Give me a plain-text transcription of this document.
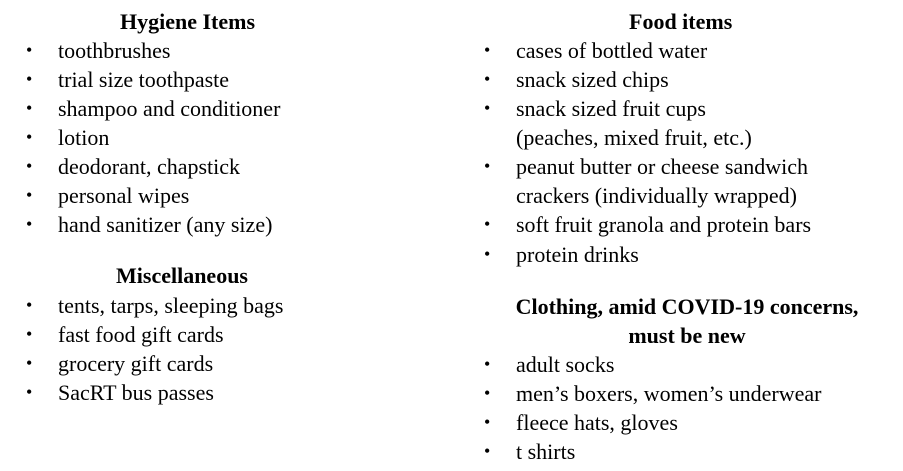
Hygiene Items
• toothbrushes
• trial size toothpaste
• shampoo and conditioner
• lotion
• deodorant, chapstick
• personal wipes
• hand sanitizer (any size)
Miscellaneous
• tents, tarps, sleeping bags
• fast food gift cards
• grocery gift cards
• SacRT bus passes
Food items
• cases of bottled water
• snack sized chips
• snack sized fruit cups
(peaches, mixed fruit, etc.)
• peanut butter or cheese sandwich
crackers (individually wrapped)
• soft fruit granola and protein bars
• protein drinks
Clothing, amid COVID-19 concerns,
must be new
• adult socks
• men’s boxers, women’s underwear
• fleece hats, gloves
• t shirts
